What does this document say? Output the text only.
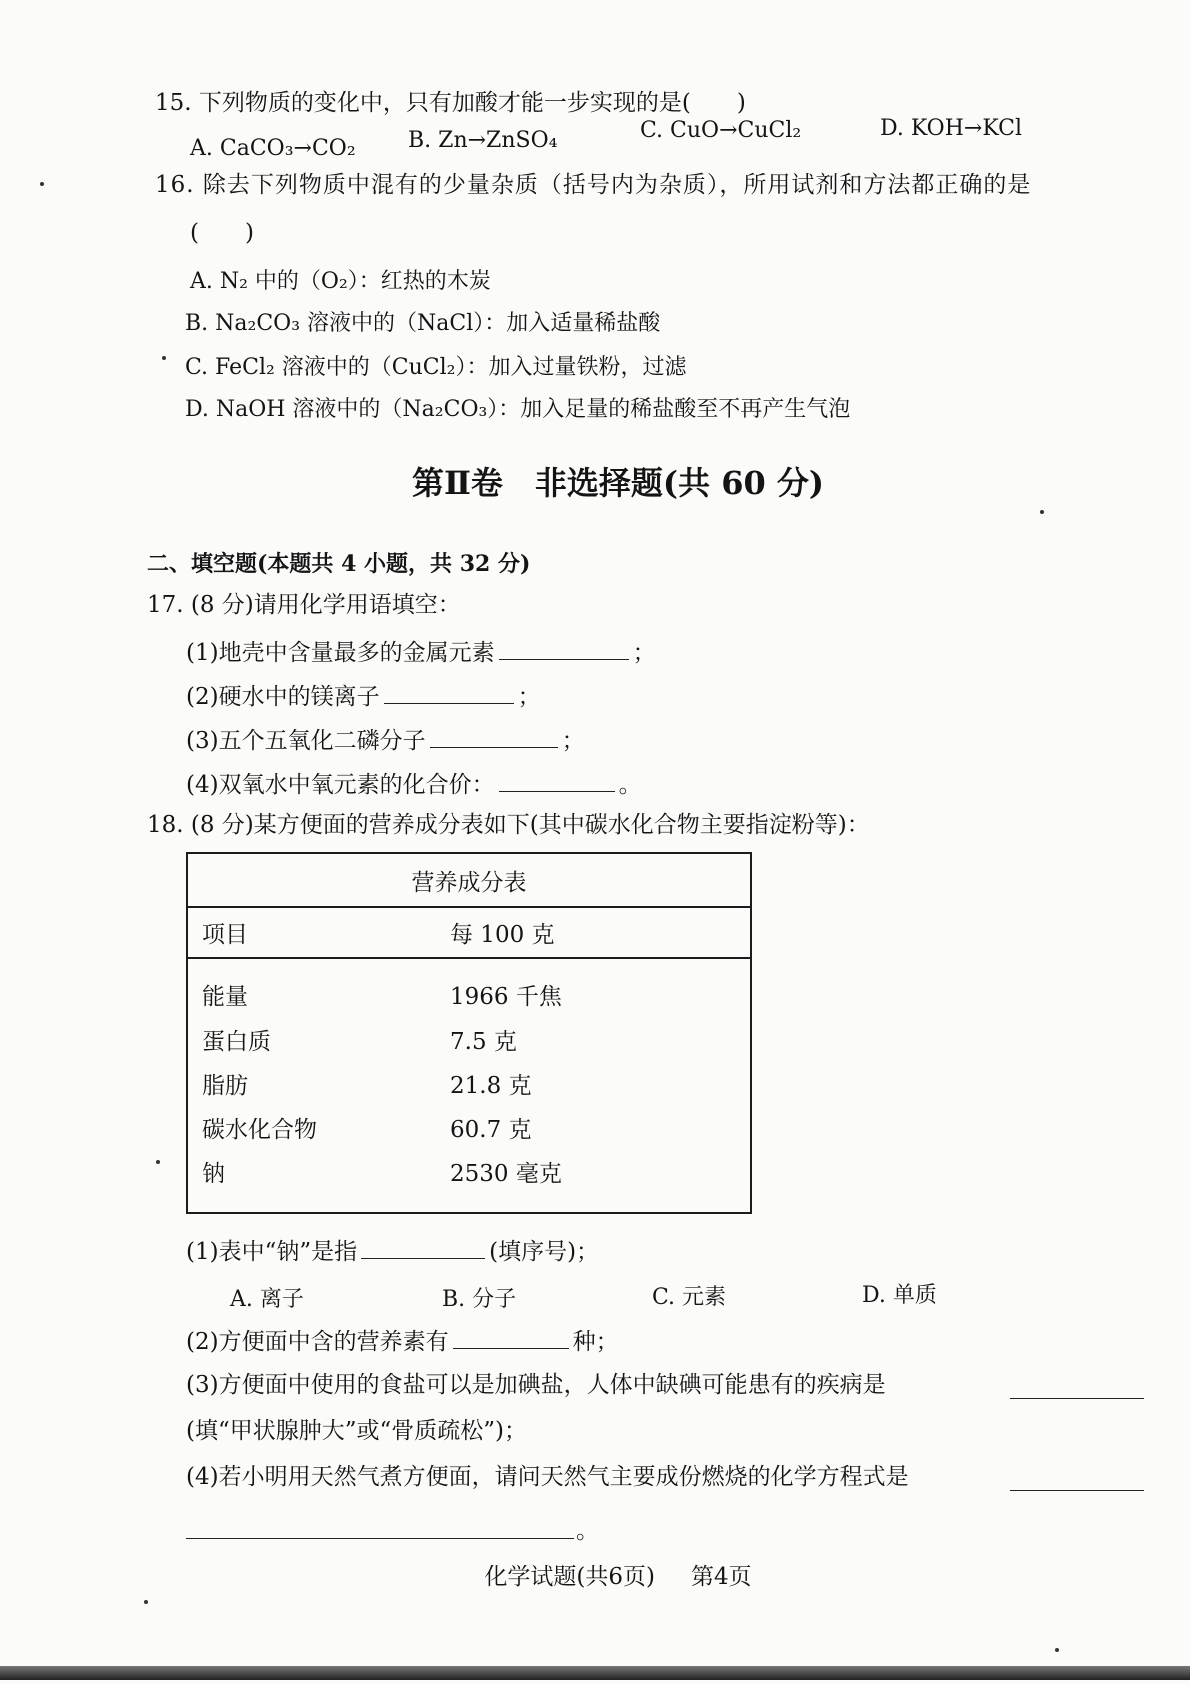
15. 下列物质的变化中，只有加酸才能一步实现的是(　　)
A. CaCO₃→CO₂ B. Zn→ZnSO₄	C. CuO→CuCl₂	D. KOH→KCl
16. 除去下列物质中混有的少量杂质（括号内为杂质），所用试剂和方法都正确的是
(　　)
A. N₂ 中的（O₂）：红热的木炭
B. Na₂CO₃ 溶液中的（NaCl）：加入适量稀盐酸
C. FeCl₂ 溶液中的（CuCl₂）：加入过量铁粉，过滤
D. NaOH 溶液中的（Na₂CO₃）：加入足量的稀盐酸至不再产生气泡
第Ⅱ卷　非选择题(共 60 分)
二、填空题(本题共 4 小题，共 32 分)
17. (8 分)请用化学用语填空：
(1)地壳中含量最多的金属元素	；
(2)硬水中的镁离子	；
(3)五个五氧化二磷分子	；
(4)双氧水中氧元素的化合价：	。
18. (8 分)某方便面的营养成分表如下(其中碳水化合物主要指淀粉等)：
营养成分表	
项目	每 100 克
能量	1966 千焦
蛋白质	7.5 克
脂肪	21.8 克
碳水化合物	60.7 克
钠	2530 毫克

(1)表中“钠”是指	(填序号)；
A. 离子	B. 分子	C. 元素	D. 单质
(2)方便面中含的营养素有	种；
(3)方便面中使用的食盐可以是加碘盐，人体中缺碘可能患有的疾病是
(填“甲状腺肿大”或“骨质疏松”)；
(4)若小明用天然气煮方便面，请问天然气主要成份燃烧的化学方程式是
。
化学试题(共6页) 第4页
